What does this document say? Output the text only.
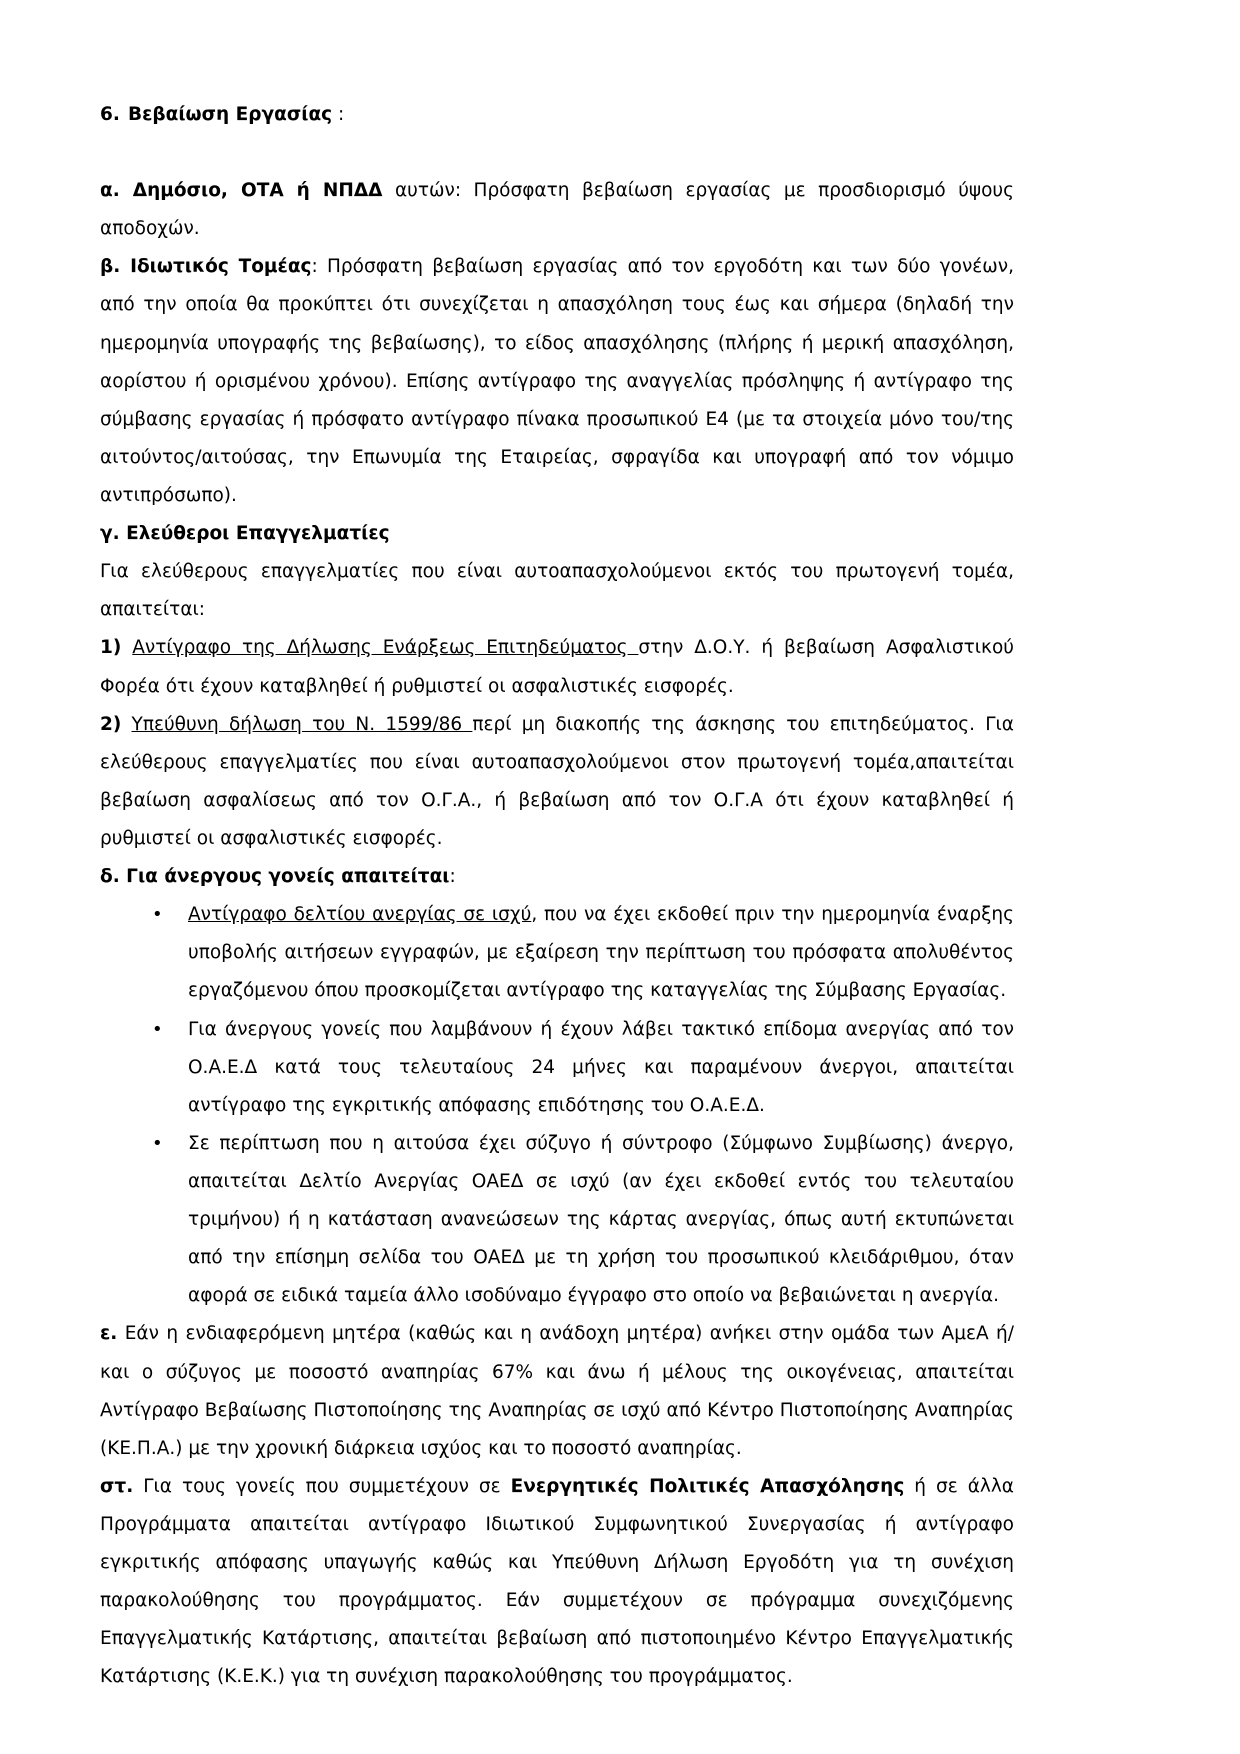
6. Βεβαίωση Εργασίας :

α. Δημόσιο, ΟΤΑ ή ΝΠΔΔ αυτών: Πρόσφατη βεβαίωση εργασίας με προσδιορισμό ύψους αποδοχών.

β. Ιδιωτικός Τομέας: Πρόσφατη βεβαίωση εργασίας από τον εργοδότη και των δύο γονέων, από την οποία θα προκύπτει ότι συνεχίζεται η απασχόληση τους έως και σήμερα (δηλαδή την ημερομηνία υπογραφής της βεβαίωσης), το είδος απασχόλησης (πλήρης ή μερική απασχόληση, αορίστου ή ορισμένου χρόνου). Επίσης αντίγραφο της αναγγελίας πρόσληψης ή αντίγραφο της σύμβασης εργασίας ή πρόσφατο αντίγραφο πίνακα προσωπικού Ε4 (με τα στοιχεία μόνο του/της αιτούντος/αιτούσας, την Επωνυμία της Εταιρείας, σφραγίδα και υπογραφή από τον νόμιμο αντιπρόσωπο).

γ. Ελεύθεροι Επαγγελματίες

Για ελεύθερους επαγγελματίες που είναι αυτοαπασχολούμενοι εκτός του πρωτογενή τομέα, απαιτείται:

1) Αντίγραφο της Δήλωσης Ενάρξεως Επιτηδεύματος στην Δ.Ο.Υ. ή βεβαίωση Ασφαλιστικού Φορέα ότι έχουν καταβληθεί ή ρυθμιστεί οι ασφαλιστικές εισφορές.

2) Υπεύθυνη δήλωση του Ν. 1599/86 περί μη διακοπής της άσκησης του επιτηδεύματος. Για ελεύθερους επαγγελματίες που είναι αυτοαπασχολούμενοι στον πρωτογενή τομέα,απαιτείται βεβαίωση ασφαλίσεως από τον Ο.Γ.Α., ή βεβαίωση από τον Ο.Γ.Α ότι έχουν καταβληθεί ή ρυθμιστεί οι ασφαλιστικές εισφορές.

δ. Για άνεργους γονείς απαιτείται:

• Αντίγραφο δελτίου ανεργίας σε ισχύ, που να έχει εκδοθεί πριν την ημερομηνία έναρξης υποβολής αιτήσεων εγγραφών, με εξαίρεση την περίπτωση του πρόσφατα απολυθέντος εργαζόμενου όπου προσκομίζεται αντίγραφο της καταγγελίας της Σύμβασης Εργασίας.
• Για άνεργους γονείς που λαμβάνουν ή έχουν λάβει τακτικό επίδομα ανεργίας από τον Ο.Α.Ε.Δ κατά τους τελευταίους 24 μήνες και παραμένουν άνεργοι, απαιτείται αντίγραφο της εγκριτικής απόφασης επιδότησης του Ο.Α.Ε.Δ.
• Σε περίπτωση που η αιτούσα έχει σύζυγο ή σύντροφο (Σύμφωνο Συμβίωσης) άνεργο, απαιτείται Δελτίο Ανεργίας ΟΑΕΔ σε ισχύ (αν έχει εκδοθεί εντός του τελευταίου τριμήνου) ή η κατάσταση ανανεώσεων της κάρτας ανεργίας, όπως αυτή εκτυπώνεται από την επίσημη σελίδα του ΟΑΕΔ με τη χρήση του προσωπικού κλειδάριθμου, όταν αφορά σε ειδικά ταμεία άλλο ισοδύναμο έγγραφο στο οποίο να βεβαιώνεται η ανεργία.

ε. Εάν η ενδιαφερόμενη μητέρα (καθώς και η ανάδοχη μητέρα) ανήκει στην ομάδα των ΑμεΑ ή/και ο σύζυγος με ποσοστό αναπηρίας 67% και άνω ή μέλους της οικογένειας, απαιτείται Αντίγραφο Βεβαίωσης Πιστοποίησης της Αναπηρίας σε ισχύ από Κέντρο Πιστοποίησης Αναπηρίας (ΚΕ.Π.Α.) με την χρονική διάρκεια ισχύος και το ποσοστό αναπηρίας.

στ. Για τους γονείς που συμμετέχουν σε Ενεργητικές Πολιτικές Απασχόλησης ή σε άλλα Προγράμματα απαιτείται αντίγραφο Ιδιωτικού Συμφωνητικού Συνεργασίας ή αντίγραφο εγκριτικής απόφασης υπαγωγής καθώς και Υπεύθυνη Δήλωση Εργοδότη για τη συνέχιση παρακολούθησης του προγράμματος. Εάν συμμετέχουν σε πρόγραμμα συνεχιζόμενης Επαγγελματικής Κατάρτισης, απαιτείται βεβαίωση από πιστοποιημένο Κέντρο Επαγγελματικής Κατάρτισης (Κ.Ε.Κ.) για τη συνέχιση παρακολούθησης του προγράμματος.
